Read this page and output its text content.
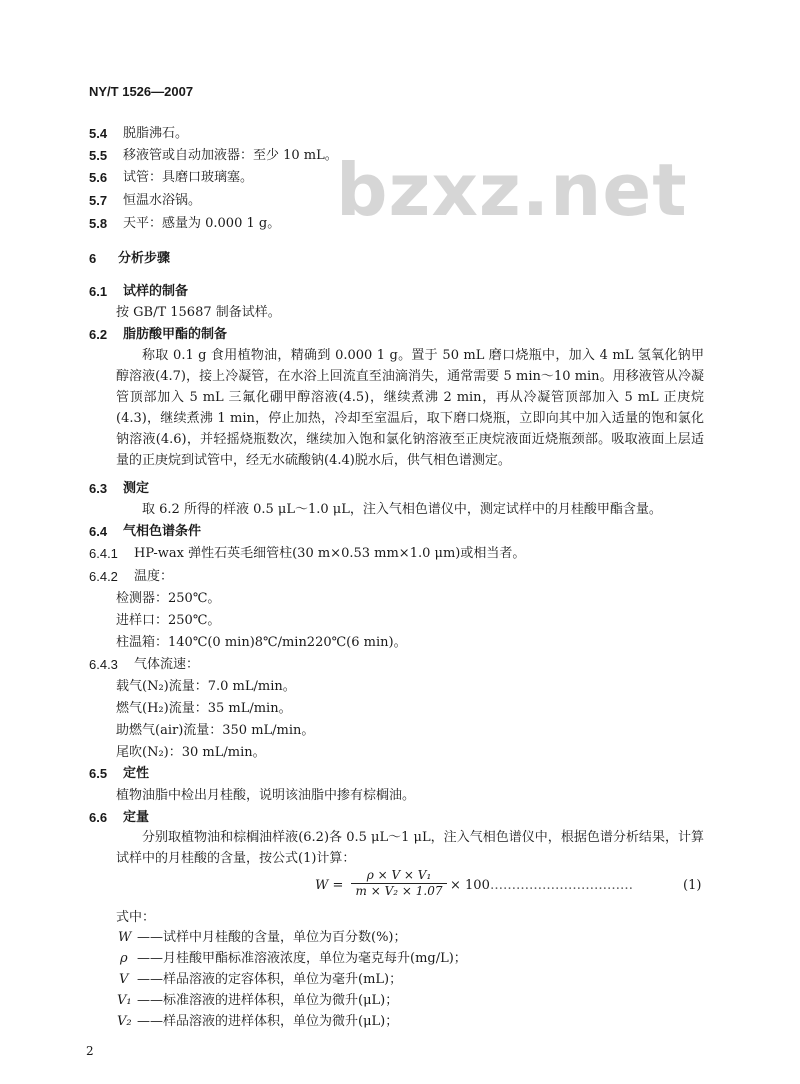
NY/T 1526—2007
bzxz.net
5.4 脱脂沸石。
5.5 移液管或自动加液器：至少 10 mL。
5.6 试管：具磨口玻璃塞。
5.7 恒温水浴锅。
5.8 天平：感量为 0.000 1 g。
6 分析步骤
6.1 试样的制备
按 GB/T 15687 制备试样。
6.2 脂肪酸甲酯的制备
称取 0.1 g 食用植物油，精确到 0.000 1 g。置于 50 mL 磨口烧瓶中，加入 4 mL 氢氧化钠甲醇溶液(4.7)，接上冷凝管，在水浴上回流直至油滴消失，通常需要 5 min～10 min。用移液管从冷凝管顶部加入 5 mL 三氟化硼甲醇溶液(4.5)，继续煮沸 2 min，再从冷凝管顶部加入 5 mL 正庚烷(4.3)，继续煮沸 1 min，停止加热，冷却至室温后，取下磨口烧瓶，立即向其中加入适量的饱和氯化钠溶液(4.6)，并轻摇烧瓶数次，继续加入饱和氯化钠溶液至正庚烷液面近烧瓶颈部。吸取液面上层适量的正庚烷到试管中，经无水硫酸钠(4.4)脱水后，供气相色谱测定。
6.3 测定
取 6.2 所得的样液 0.5 μL～1.0 μL，注入气相色谱仪中，测定试样中的月桂酸甲酯含量。
6.4 气相色谱条件
6.4.1 HP-wax 弹性石英毛细管柱(30 m×0.53 mm×1.0 μm)或相当者。
6.4.2 温度：
检测器：250℃。
进样口：250℃。
柱温箱：140℃(0 min)8℃/min220℃(6 min)。
6.4.3 气体流速：
载气(N₂)流量：7.0 mL/min。
燃气(H₂)流量：35 mL/min。
助燃气(air)流量：350 mL/min。
尾吹(N₂)：30 mL/min。
6.5 定性
植物油脂中检出月桂酸，说明该油脂中掺有棕榈油。
6.6 定量
分别取植物油和棕榈油样液(6.2)各 0.5 μL～1 μL，注入气相色谱仪中，根据色谱分析结果，计算试样中的月桂酸的含量，按公式(1)计算：
$W = \frac{\text{ρ × V × V₁}}{\text{m × V₂ × 1.07}} \times 100$ ……………………………	(1)
式中：
W ——试样中月桂酸的含量，单位为百分数(%)；
ρ ——月桂酸甲酯标准溶液浓度，单位为毫克每升(mg/L)；
V ——样品溶液的定容体积，单位为毫升(mL)；
V₁ ——标准溶液的进样体积，单位为微升(μL)；
V₂ ——样品溶液的进样体积，单位为微升(μL)；
2
